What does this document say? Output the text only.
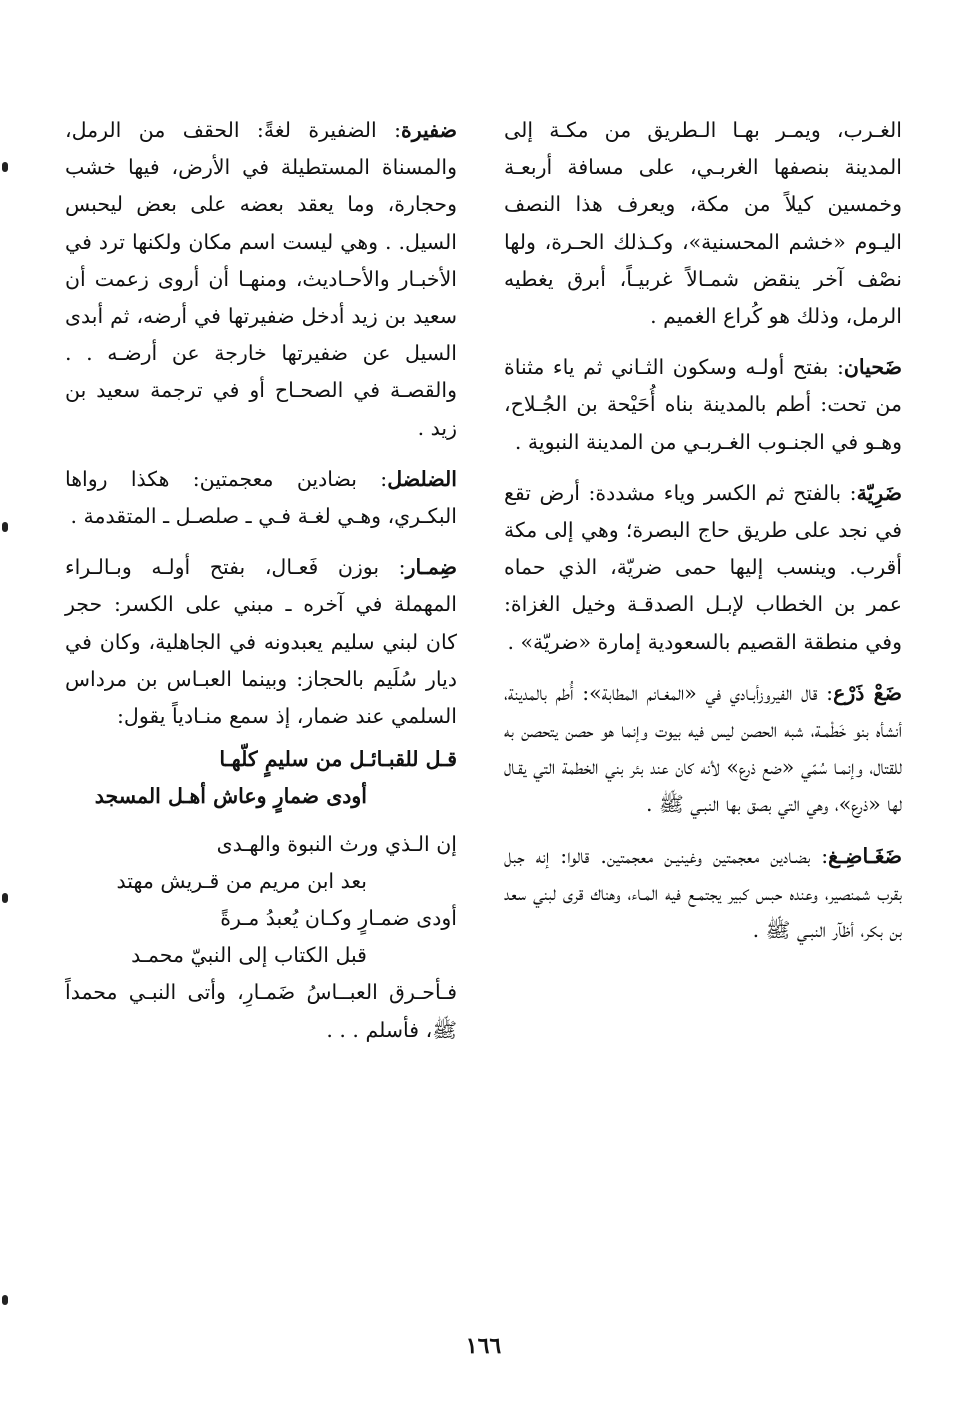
الغـرب، ويمـر بهـا الـطريق من مكـة إلى المدينة بنصفها الغربـي، على مسافة أربعـة وخمسين كيلاً من مكة، ويعرف هذا النصف اليـوم «خشم المحسنية»، وكـذلك الحـرة، ولها نصْف آخر ينقض شمـالاً غربيـاً، أبرق يغطيه الرمل، وذلك هو كُراع الغميم .

ضَحيان: بفتح أولـه وسكون الثـاني ثم ياء مثناة من تحت: أطم بالمدينة بناه أُحَيْحة بن الجُـلاح، وهـو في الجنـوب الغـربـي من المدينة النبوية .

ضَرِيّة: بالفتح ثم الكسر وياء مشددة: أرض تقع في نجد على طريق حاج البصرة؛ وهي إلى مكة أقرب. وينسب إليها حمى ضريّة، الذي حماه عمر بن الخطاب لإبـل الصدقـة وخيل الغزاة: وفي منطقة القصيم بالسعودية إمارة «ضريّة» .

ضَعْ ذَرْع: قال الفيروزأبـادي في «المغـانم المطابة»: أُطم بالمدينة، أنشأه بنو خَطْمـة، شبه الحصن ليس فيه بيوت وإنما هو حصن يتحصن به للقتال، وإنمـا سُمّي «ضع ذرع» لأنه كان عند بئر بني الخطمة التي يقـال لها «ذرع»، وهي التي بصق بها النبـي ﷺ .

ضَغَـاضِـغ: بضـادين معجمتين وغينيـن معجمتين. قالوا: إنه جبل بقرب شمنصير، وعنده حبس كبير يجتمـع فيه المـاء، وهناك قرى لبني سعد بن بكر، أظآر النبـي ﷺ .

ضفيرة: الضفيرة لغةً: الحقف من الرمل، والمسناة المستطيلة في الأرض، فيها خشب وحجارة، وما يعقد بعضه على بعض ليحبس السيل. . وهي ليست اسم مكان ولكنها ترد في الأخبـار والأحـاديث، ومنهـا أن أروى زعمت أن سعيد بن زيد أدخل ضفيرتها في أرضه، ثم أبدى السيل عن ضفيرتها خارجة عن أرضـه . . والقصـة في الصحـاح أو في ترجمة سعيد بن زيد .

الضلضل: بضادين معجمتين: هكذا رواها البكـري، وهـي لغـة فـي ـ صلصـل ـ المتقدمة .

ضِمـار: بوزن فَعـال، بفتح أولـه وبـالـراء المهملة في آخره ـ مبني على الكسر: حجر كان لبني سليم يعبدونه في الجاهلية، وكان في ديار سُلَيم بالحجاز: وبينما العبـاس بن مرداس السلمي عند ضمار، إذ سمع منـادياً يقول:

قـل للقبـائـل من سليمٍ كلّهـا

أودى ضمارٍ وعاش أهـل المسجد

إن الـذي ورث النبوة والهـدى

بعد ابن مريم من قـريش مهتد

أودى ضمـارٍ وكـان يُعبدُ مـرةً

قبل الكتاب إلى النبيّ محمـد

فـأحـرق العبــاسُ ضَمـارِ، وأتى النبـي محمداً ﷺ، فأسلم . . .

١٦٦
